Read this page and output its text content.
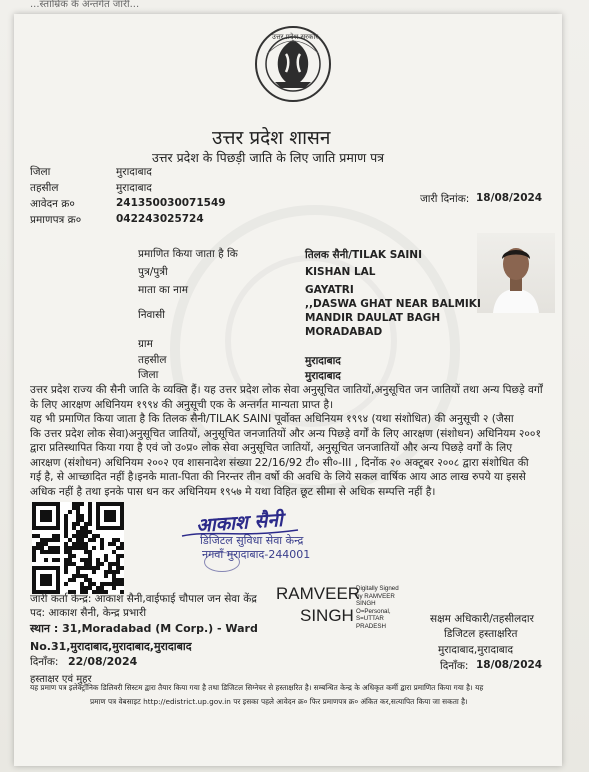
...स्ताम्रिक के अन्तर्गत जारी...
उत्तर प्रदेश सरकार
उत्तर प्रदेश शासन
उत्तर प्रदेश के पिछड़ी जाति के लिए जाति प्रमाण पत्र
जिला	मुरादाबाद
तहसील	मुरादाबाद
आवेदन क्र०	241350030071549
प्रमाणपत्र क्र०	042243025724
जारी दिनांक: 18/08/2024
प्रमाणित किया जाता है कि	तिलक सैनी/TILAK SAINI
पुत्र/पुत्री	KISHAN LAL
माता का नाम	GAYATRI
निवासी
,,DASWA GHAT NEAR BALMIKI
MANDIR DAULAT BAGH
MORADABAD
ग्राम
तहसील	मुरादाबाद
जिला	मुरादाबाद
उत्तर प्रदेश राज्य की सैनी जाति के व्यक्ति हैं। यह उत्तर प्रदेश लोक सेवा अनुसूचित जातियों,अनुसूचित जन जातियों तथा अन्य पिछड़े वर्गों
के लिए आरक्षण अधिनियम १९९४ की अनुसूची एक के अन्तर्गत मान्यता प्राप्त है।
यह भी प्रमाणित किया जाता है कि तिलक सैनी/TILAK SAINI पूर्वोक्त अधिनियम १९९४ (यथा संशोधित) की अनुसूची २ (जैसा
कि उत्तर प्रदेश लोक सेवा)अनुसूचित जातियों, अनुसूचित जनजातियों और अन्य पिछड़े वर्गों के लिए आरक्षण (संशोधन) अधिनियम २००१
द्वारा प्रतिस्थापित किया गया है एवं जो उ०प्र० लोक सेवा अनुसूचित जातियों, अनुसूचित जनजातियों और अन्य पिछड़े वर्गों के लिए
आरक्षण (संशोधन) अधिनियम २००२ एव शासनादेश संख्या 22/16/92 टी० सी०-III , दिनोंक २० अक्टूबर २००८ द्वारा संशोधित की
गई है, से आच्छादित नहीं है।इनके माता-पिता की निरन्तर तीन वर्षो की अवधि के लिये सकल वार्षिक आय आठ लाख रुपये या इससे
अधिक नहीं है तथा इनके पास धन कर अधिनियम १९५७ मे यथा विहित छूट सीमा से अधिक सम्पत्ति नहीं है।
आकाश सैनी
डिजिटल सुविधा सेवा केन्द्र
नगवाँ मुरादाबाद-244001
जारी कर्ता केन्द्र: आकाश सैनी,वाईफाई चौपाल जन सेवा केंद्र
पद: आकाश सैनी, केन्द्र प्रभारी
स्थान : 31,Moradabad (M Corp.) - Ward
No.31,मुरादाबाद,मुरादाबाद,मुरादाबाद
दिनाँक: 22/08/2024
हस्ताक्षर एवं मुहर
RAMVEER
SINGH
Digitally Signed
by RAMVEER
SINGH
O=Personal,
S=UTTAR
PRADESH
सक्षम अधिकारी/तहसीलदार
डिजिटल हस्ताक्षरित
मुरादाबाद,मुरादाबाद
दिनाँक: 18/08/2024
यह प्रमाण पत्र इलेक्ट्रॉनिक डिलिवरी सिस्टम द्वारा तैयार किया गया है तथा डिजिटल सिग्नेचर से हस्ताक्षरित है। सम्बन्धित केन्द्र के अधिकृत कर्मी द्वारा प्रमाणित किया गया है। यह
प्रमाण पत्र वेबसाइट http://edistrict.up.gov.in पर इसका पहले आवेदन क्र० फिर प्रमाणपत्र क्र० अंकित कर,सत्यापित किया जा सकता है।
